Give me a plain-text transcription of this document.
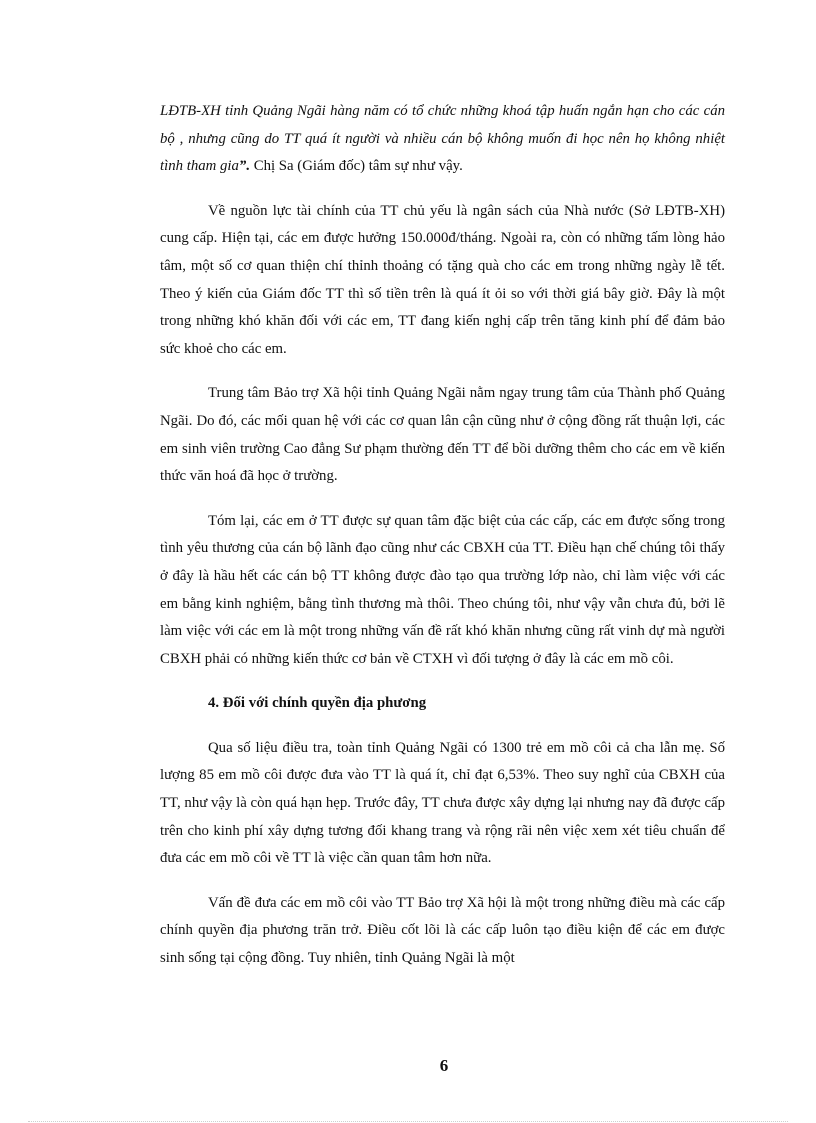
LĐTB-XH tỉnh Quảng Ngãi hàng năm có tổ chức những khoá tập huấn ngắn hạn cho các cán bộ , nhưng cũng do TT quá ít người và nhiều cán bộ không muốn đi học nên họ không nhiệt tình tham gia”. Chị Sa (Giám đốc) tâm sự như vậy.

Về nguồn lực tài chính của TT chủ yếu là ngân sách của Nhà nước (Sở LĐTB-XH) cung cấp. Hiện tại, các em được hưởng 150.000đ/tháng. Ngoài ra, còn có những tấm lòng hảo tâm, một số cơ quan thiện chí thỉnh thoảng có tặng quà cho các em trong những ngày lễ tết. Theo ý kiến của Giám đốc TT thì số tiền trên là quá ít ỏi so với thời giá bây giờ. Đây là một trong những khó khăn đối với các em, TT đang kiến nghị cấp trên tăng kinh phí để đảm bảo sức khoẻ cho các em.

Trung tâm Bảo trợ Xã hội tỉnh Quảng Ngãi nằm ngay trung tâm của Thành phố Quảng Ngãi. Do đó, các mối quan hệ với các cơ quan lân cận cũng như ở cộng đồng rất thuận lợi, các em sinh viên trường Cao đẳng Sư phạm thường đến TT để bồi dưỡng thêm cho các em về kiến thức văn hoá đã học ở trường.

Tóm lại, các em ở TT được sự quan tâm đặc biệt của các cấp, các em được sống trong tình yêu thương của cán bộ lãnh đạo cũng như các CBXH của TT. Điều hạn chế chúng tôi thấy ở đây là hầu hết các cán bộ TT không được đào tạo qua trường lớp nào, chỉ làm việc với các em bằng kinh nghiệm, bằng tình thương mà thôi. Theo chúng tôi, như vậy vẫn chưa đủ, bởi lẽ làm việc với các em là một trong những vấn đề rất khó khăn nhưng cũng rất vinh dự mà người CBXH phải có những kiến thức cơ bản về CTXH vì đối tượng ở đây là các em mồ côi.

4. Đối với chính quyền địa phương

Qua số liệu điều tra, toàn tỉnh Quảng Ngãi có 1300 trẻ em mồ côi cả cha lẫn mẹ. Số lượng 85 em mồ côi được đưa vào TT là quá ít, chỉ đạt 6,53%. Theo suy nghĩ của CBXH của TT, như vậy là còn quá hạn hẹp. Trước đây, TT chưa được xây dựng lại nhưng nay đã được cấp trên cho kinh phí xây dựng tương đối khang trang và rộng rãi nên việc xem xét tiêu chuẩn để đưa các em mồ côi về TT là việc cần quan tâm hơn nữa.

Vấn đề đưa các em mồ côi vào TT Bảo trợ Xã hội là một trong những điều mà các cấp chính quyền địa phương trăn trở. Điều cốt lõi là các cấp luôn tạo điều kiện để các em được sinh sống tại cộng đồng. Tuy nhiên, tỉnh Quảng Ngãi là một

6
